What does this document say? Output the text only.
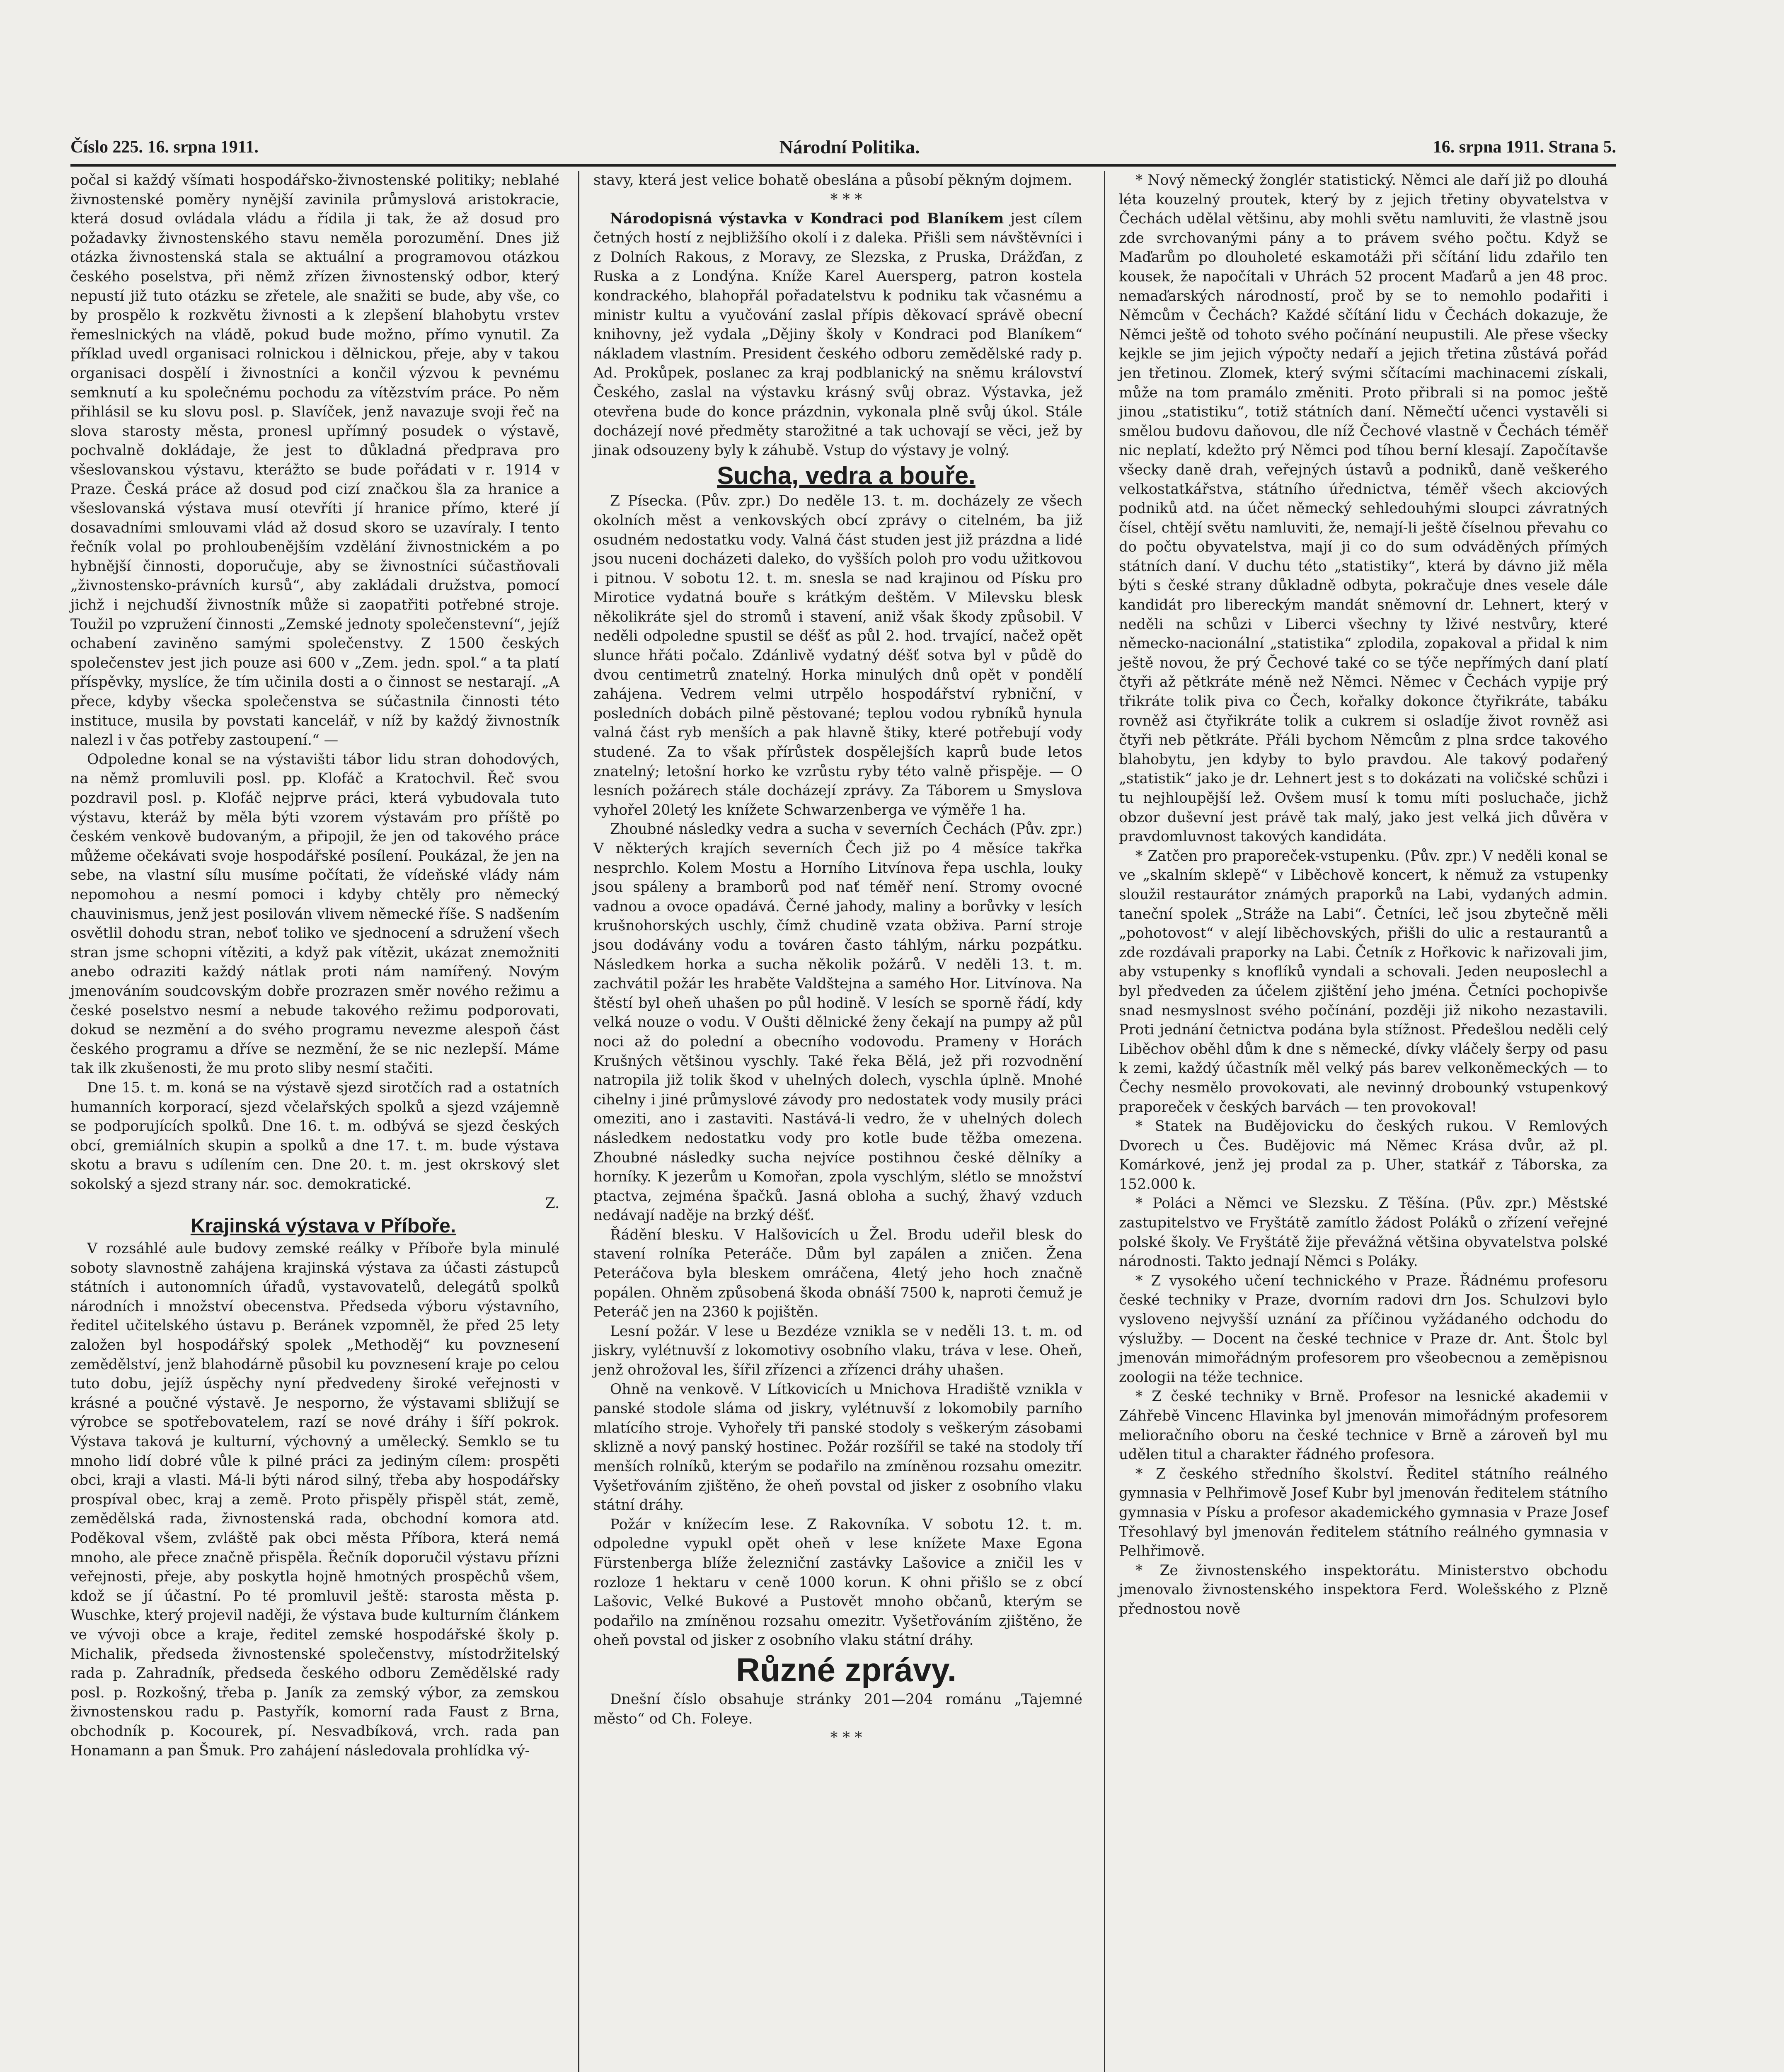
Číslo 225. 16. srpna 1911.	Národní Politika.	16. srpna 1911. Strana 5.

počal si každý všímati hospodářsko-živnostenské politiky; neblahé živnostenské poměry nynější zavinila průmyslová aristokracie, která dosud ovládala vládu a řídila ji tak, že až dosud pro požadavky živnostenského stavu neměla porozumění. Dnes již otázka živnostenská stala se aktuální a programovou otázkou českého poselstva, při němž zřízen živnostenský odbor, který nepustí již tuto otázku se zřetele, ale snažiti se bude, aby vše, co by prospělo k rozkvětu živnosti a k zlepšení blahobytu vrstev řemeslnických na vládě, pokud bude možno, přímo vynutil. Za příklad uvedl organisaci rolnickou i dělnickou, přeje, aby v takou organisaci dospělí i živnostníci a končil výzvou k pevnému semknutí a ku společnému pochodu za vítězstvím práce. Po něm přihlásil se ku slovu posl. p. Slavíček, jenž navazuje svoji řeč na slova starosty města, pronesl upřímný posudek o výstavě, pochvalně dokládaje, že jest to důkladná předprava pro všeslovanskou výstavu, kterážto se bude pořádati v r. 1914 v Praze. Česká práce až dosud pod cizí značkou šla za hranice a všeslovanská výstava musí otevříti jí hranice přímo, které jí dosavadními smlouvami vlád až dosud skoro se uzavíraly. I tento řečník volal po prohloubenějším vzdělání živnostnickém a po hybnější činnosti, doporučuje, aby se živnostníci súčastňovali „živnostensko-právních kursů“, aby zakládali družstva, pomocí jichž i nejchudší živnostník může si zaopatřiti potřebné stroje. Toužil po vzpružení činnosti „Zemské jednoty společenstevní“, jejíž ochabení zaviněno samými společenstvy. Z 1500 českých společenstev jest jich pouze asi 600 v „Zem. jedn. spol.“ a ta platí příspěvky, myslíce, že tím učinila dosti a o činnost se nestarají. „A přece, kdyby všecka společenstva se súčastnila činnosti této instituce, musila by povstati kancelář, v níž by každý živnostník nalezl i v čas potřeby zastoupení.“ —

Odpoledne konal se na výstavišti tábor lidu stran dohodových, na němž promluvili posl. pp. Klofáč a Kratochvil. Řeč svou pozdravil posl. p. Klofáč nejprve práci, která vybudovala tuto výstavu, kteráž by měla býti vzorem výstavám pro příště po českém venkově budovaným, a připojil, že jen od takového práce můžeme očekávati svoje hospodářské posílení. Poukázal, že jen na sebe, na vlastní sílu musíme počítati, že vídeňské vlády nám nepomohou a nesmí pomoci i kdyby chtěly pro německý chauvinismus, jenž jest posilován vlivem německé říše. S nadšením osvětlil dohodu stran, neboť toliko ve sjednocení a sdružení všech stran jsme schopni vítěziti, a když pak vítězit, ukázat znemožniti anebo odraziti každý nátlak proti nám namířený. Novým jmenováním soudcovským dobře prozrazen směr nového režimu a české poselstvo nesmí a nebude takového režimu podporovati, dokud se nezmění a do svého programu nevezme alespoň část českého programu a dříve se nezmění, že se nic nezlepší. Máme tak ilk zkušenosti, že mu proto sliby nesmí stačiti.

Dne 15. t. m. koná se na výstavě sjezd sirotčích rad a ostatních humanních korporací, sjezd včelařských spolků a sjezd vzájemně se podporujících spolků. Dne 16. t. m. odbývá se sjezd českých obcí, gremiálních skupin a spolků a dne 17. t. m. bude výstava skotu a bravu s udílením cen. Dne 20. t. m. jest okrskový slet sokolský a sjezd strany nár. soc. demokratické.

Z.

Krajinská výstava v Příboře.

V rozsáhlé aule budovy zemské reálky v Příboře byla minulé soboty slavnostně zahájena krajinská výstava za účasti zástupců státních i autonomních úřadů, vystavovatelů, delegátů spolků národních i množství obecenstva. Předseda výboru výstavního, ředitel učitelského ústavu p. Beránek vzpomněl, že před 25 lety založen byl hospodářský spolek „Methoděj“ ku povznesení zemědělství, jenž blahodárně působil ku povznesení kraje po celou tuto dobu, jejíž úspěchy nyní předvedeny široké veřejnosti v krásné a poučné výstavě. Je nesporno, že výstavami sbližují se výrobce se spotřebovatelem, razí se nové dráhy i šíří pokrok. Výstava taková je kulturní, výchovný a umělecký. Semklo se tu mnoho lidí dobré vůle k pilné práci za jediným cílem: prospěti obci, kraji a vlasti. Má-li býti národ silný, třeba aby hospodářsky prospíval obec, kraj a země. Proto přispěly přispěl stát, země, zemědělská rada, živnostenská rada, obchodní komora atd. Poděkoval všem, zvláště pak obci města Příbora, která nemá mnoho, ale přece značně přispěla. Řečník doporučil výstavu přízni veřejnosti, přeje, aby poskytla hojně hmotných prospěchů všem, kdož se jí účastní. Po té promluvil ještě: starosta města p. Wuschke, který projevil naději, že výstava bude kulturním článkem ve vývoji obce a kraje, ředitel zemské hospodářské školy p. Michalik, předseda živnostenské společenstvy, místodržitelský rada p. Zahradník, předseda českého odboru Zemědělské rady posl. p. Rozkošný, třeba p. Janík za zemský výbor, za zemskou živnostenskou radu p. Pastyřík, komorní rada Faust z Brna, obchodník p. Kocourek, pí. Nesvadbíková, vrch. rada pan Honamann a pan Šmuk. Pro zahájení následovala prohlídka vý-

stavy, která jest velice bohatě obeslána a působí pěkným dojmem.

* * *

Národopisná výstavka v Kondraci pod Blaníkem jest cílem četných hostí z nejbližšího okolí i z daleka. Přišli sem návštěvníci i z Dolních Rakous, z Moravy, ze Slezska, z Pruska, Drážďan, z Ruska a z Londýna. Kníže Karel Auersperg, patron kostela kondrackého, blahopřál pořadatelstvu k podniku tak včasnému a ministr kultu a vyučování zaslal přípis děkovací správě obecní knihovny, jež vydala „Dějiny školy v Kondraci pod Blaníkem“ nákladem vlastním. President českého odboru zemědělské rady p. Ad. Prokůpek, poslanec za kraj podblanický na sněmu království Českého, zaslal na výstavku krásný svůj obraz. Výstavka, jež otevřena bude do konce prázdnin, vykonala plně svůj úkol. Stále docházejí nové předměty starožitné a tak uchovají se věci, jež by jinak odsouzeny byly k záhubě. Vstup do výstavy je volný.

Sucha, vedra a bouře.

Z Písecka. (Pův. zpr.) Do neděle 13. t. m. docházely ze všech okolních měst a venkovských obcí zprávy o citelném, ba již osudném nedostatku vody. Valná část studen jest již prázdna a lidé jsou nuceni docházeti daleko, do vyšších poloh pro vodu užitkovou i pitnou. V sobotu 12. t. m. snesla se nad krajinou od Písku pro Mirotice vydatná bouře s krátkým deštěm. V Milevsku blesk několikráte sjel do stromů i stavení, aniž však škody způsobil. V neděli odpoledne spustil se déšť as půl 2. hod. trvající, načež opět slunce hřáti počalo. Zdánlivě vydatný déšť sotva byl v půdě do dvou centimetrů znatelný. Horka minulých dnů opět v pondělí zahájena. Vedrem velmi utrpělo hospodářství rybniční, v posledních dobách pilně pěstované; teplou vodou rybníků hynula valná část ryb menších a pak hlavně štiky, které potřebují vody studené. Za to však přírůstek dospělejších kaprů bude letos znatelný; letošní horko ke vzrůstu ryby této valně přispěje. — O lesních požárech stále docházejí zprávy. Za Táborem u Smyslova vyhořel 20letý les knížete Schwarzenberga ve výměře 1 ha.

Zhoubné následky vedra a sucha v severních Čechách (Pův. zpr.) V některých krajích severních Čech již po 4 měsíce takřka nesprchlo. Kolem Mostu a Horního Litvínova řepa uschla, louky jsou spáleny a bramborů pod nať téměř není. Stromy ovocné vadnou a ovoce opadává. Černé jahody, maliny a borůvky v lesích krušnohorských uschly, čímž chudině vzata obživa. Parní stroje jsou dodávány vodu a továren často táhlým, nárku pozpátku. Následkem horka a sucha několik požárů. V neděli 13. t. m. zachvátil požár les hraběte Valdštejna a samého Hor. Litvínova. Na štěstí byl oheň uhašen po půl hodině. V lesích se sporně řádí, kdy velká nouze o vodu. V Oušti dělnické ženy čekají na pumpy až půl noci až do polední a obecního vodovodu. Prameny v Horách Krušných většinou vyschly. Také řeka Bělá, jež při rozvodnění natropila již tolik škod v uhelných dolech, vyschla úplně. Mnohé cihelny i jiné průmyslové závody pro nedostatek vody musily práci omeziti, ano i zastaviti. Nastává-li vedro, že v uhelných dolech následkem nedostatku vody pro kotle bude těžba omezena. Zhoubné následky sucha nejvíce postihnou české dělníky a horníky. K jezerům u Komořan, zpola vyschlým, slétlo se množství ptactva, zejména špačků. Jasná obloha a suchý, žhavý vzduch nedávají naděje na brzký déšť.

Řádění blesku. V Halšovicích u Žel. Brodu udeřil blesk do stavení rolníka Peteráče. Dům byl zapálen a zničen. Žena Peteráčova byla bleskem omráčena, 4letý jeho hoch značně popálen. Ohněm způsobená škoda obnáší 7500 k, naproti čemuž je Peteráč jen na 2360 k pojištěn.

Lesní požár. V lese u Bezdéze vznikla se v neděli 13. t. m. od jiskry, vylétnuvší z lokomotivy osobního vlaku, tráva v lese. Oheň, jenž ohrožoval les, šířil zřízenci a zřízenci dráhy uhašen.

Ohně na venkově. V Lítkovicích u Mnichova Hradiště vznikla v panské stodole sláma od jiskry, vylétnuvší z lokomobily parního mlatícího stroje. Vyhořely tři panské stodoly s veškerým zásobami sklizně a nový panský hostinec. Požár rozšířil se také na stodoly tří menších rolníků, kterým se podařilo na zmíněnou rozsahu omezitr. Vyšetřováním zjištěno, že oheň povstal od jisker z osobního vlaku státní dráhy.

Požár v knížecím lese. Z Rakovníka. V sobotu 12. t. m. odpoledne vypukl opět oheň v lese knížete Maxe Egona Fürstenberga blíže železniční zastávky Lašovice a zničil les v rozloze 1 hektaru v ceně 1000 korun. K ohni přišlo se z obcí Lašovic, Velké Bukové a Pustovět mnoho občanů, kterým se podařilo na zmíněnou rozsahu omezitr. Vyšetřováním zjištěno, že oheň povstal od jisker z osobního vlaku státní dráhy.

Různé zprávy.

Dnešní číslo obsahuje stránky 201—204 románu „Tajemné město“ od Ch. Foleye.

* * *

* Nový německý žonglér statistický. Němci ale daří již po dlouhá léta kouzelný proutek, který by z jejich třetiny obyvatelstva v Čechách udělal většinu, aby mohli světu namluviti, že vlastně jsou zde svrchovanými pány a to právem svého počtu. Když se Maďarům po dlouholeté eskamotáži při sčítání lidu zdařilo ten kousek, že napočítali v Uhrách 52 procent Maďarů a jen 48 proc. nemaďarských národností, proč by se to nemohlo podařiti i Němcům v Čechách? Každé sčítání lidu v Čechách dokazuje, že Němci ještě od tohoto svého počínání neupustili. Ale přese všecky kejkle se jim jejich výpočty nedaří a jejich třetina zůstává pořád jen třetinou. Zlomek, který svými sčítacími machinacemi získali, může na tom pramálo změniti. Proto přibrali si na pomoc ještě jinou „statistiku“, totiž státních daní. Němečtí učenci vystavěli si smělou budovu daňovou, dle níž Čechové vlastně v Čechách téměř nic neplatí, kdežto prý Němci pod tíhou berní klesají. Započítavše všecky daně drah, veřejných ústavů a podniků, daně veškerého velkostatkářstva, státního úřednictva, téměř všech akciových podniků atd. na účet německý sehledouhými sloupci závratných čísel, chtějí světu namluviti, že, nemají-li ještě číselnou převahu co do počtu obyvatelstva, mají ji co do sum odváděných přímých státních daní. V duchu této „statistiky“, která by dávno již měla býti s české strany důkladně odbyta, pokračuje dnes vesele dále kandidát pro libereckým mandát sněmovní dr. Lehnert, který v neděli na schůzi v Liberci všechny ty lživé nestvůry, které německo-nacionální „statistika“ zplodila, zopakoval a přidal k nim ještě novou, že prý Čechové také co se týče nepřímých daní platí čtyři až pětkráte méně než Němci. Němec v Čechách vypije prý třikráte tolik piva co Čech, kořalky dokonce čtyřikráte, tabáku rovněž asi čtyřikráte tolik a cukrem si osladíje život rovněž asi čtyři neb pětkráte. Přáli bychom Němcům z plna srdce takového blahobytu, jen kdyby to bylo pravdou. Ale takový podařený „statistik“ jako je dr. Lehnert jest s to dokázati na voličské schůzi i tu nejhloupější lež. Ovšem musí k tomu míti posluchače, jichž obzor duševní jest právě tak malý, jako jest velká jich důvěra v pravdomluvnost takových kandidáta.

* Zatčen pro praporeček-vstupenku. (Pův. zpr.) V neděli konal se ve „skalním sklepě“ v Liběchově koncert, k němuž za vstupenky sloužil restaurátor známých praporků na Labi, vydaných admin. taneční spolek „Stráže na Labi“. Četníci, leč jsou zbytečně měli „pohotovost“ v alejí liběchovských, přišli do ulic a restaurantů a zde rozdávali praporky na Labi. Četník z Hořkovic k nařizovali jim, aby vstupenky s knoflíků vyndali a schovali. Jeden neuposlechl a byl předveden za účelem zjištění jeho jména. Četníci pochopivše snad nesmyslnost svého počínání, později již nikoho nezastavili. Proti jednání četnictva podána byla stížnost. Předešlou neděli celý Liběchov oběhl dům k dne s německé, dívky vláčely šerpy od pasu k zemi, každý účastník měl velký pás barev velkoněmeckých — to Čechy nesmělo provokovati, ale nevinný drobounký vstupenkový praporeček v českých barvách — ten provokoval!

* Statek na Budějovicku do českých rukou. V Remlových Dvorech u Čes. Budějovic má Němec Krása dvůr, až pl. Komárkové, jenž jej prodal za p. Uher, statkář z Táborska, za 152.000 k.

* Poláci a Němci ve Slezsku. Z Těšína. (Pův. zpr.) Městské zastupitelstvo ve Fryštátě zamítlo žádost Poláků o zřízení veřejné polské školy. Ve Fryštátě žije převážná většina obyvatelstva polské národnosti. Takto jednají Němci s Poláky.

* Z vysokého učení technického v Praze. Řádnému profesoru české techniky v Praze, dvorním radovi drn Jos. Schulzovi bylo vysloveno nejvyšší uznání za příčinou vyžádaného odchodu do výslužby. — Docent na české technice v Praze dr. Ant. Štolc byl jmenován mimořádným profesorem pro všeobecnou a zeměpisnou zoologii na téže technice.

* Z české techniky v Brně. Profesor na lesnické akademii v Záhřebě Vincenc Hlavinka byl jmenován mimořádným profesorem melioračního oboru na české technice v Brně a zároveň byl mu udělen titul a charakter řádného profesora.

* Z českého středního školství. Ředitel státního reálného gymnasia v Pelhřimově Josef Kubr byl jmenován ředitelem státního gymnasia v Písku a profesor akademického gymnasia v Praze Josef Třesohlavý byl jmenován ředitelem státního reálného gymnasia v Pelhřimově.

* Ze živnostenského inspektorátu. Ministerstvo obchodu jmenovalo živnostenského inspektora Ferd. Wolešského z Plzně přednostou nově
